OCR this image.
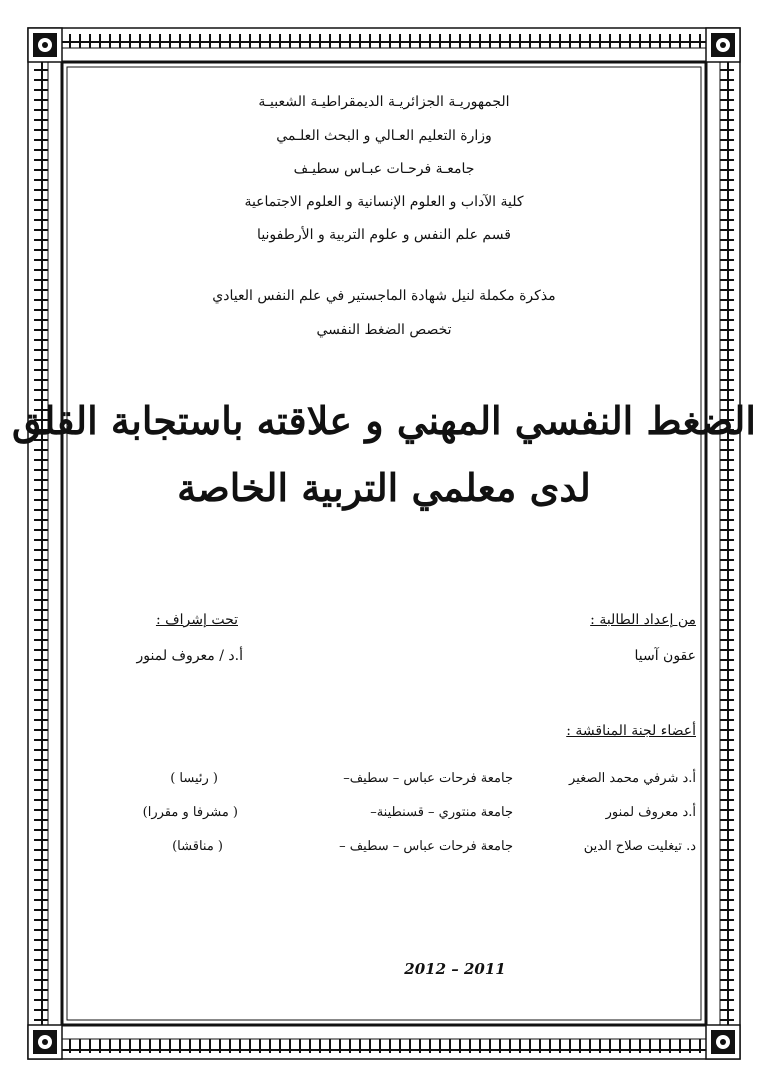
الجمهوريـة الجزائريـة الديمقراطيـة الشعبيـة
وزارة التعليم العـالي و البحث العلـمي
جامعـة فرحـات عبـاس سطيـف
كلية الآداب و العلوم الإنسانية و العلوم الاجتماعية
قسم علم النفس و علوم التربية و الأرطفونيا
مذكرة مكملة لنيل شهادة الماجستير في علم النفس العيادي
تخصص الضغط النفسي
الضغط النفسي المهني و علاقته باستجابة القلق
لدى معلمي التربية الخاصة
من إعداد الطالبة :
عقون آسيا
تحت إشراف :
أ.د / معروف لمنور
أعضاء لجنة المناقشة :
أ.د شرفي محمد الصغير
جامعة فرحات عباس – سطيف–
( رئيسا )
أ.د معروف لمنور
جامعة منتوري – قسنطينة–
( مشرفا و مقررا)
د. تيغليت صلاح الدين
جامعة فرحات عباس – سطيف –
( مناقشا)
2012 – 2011
